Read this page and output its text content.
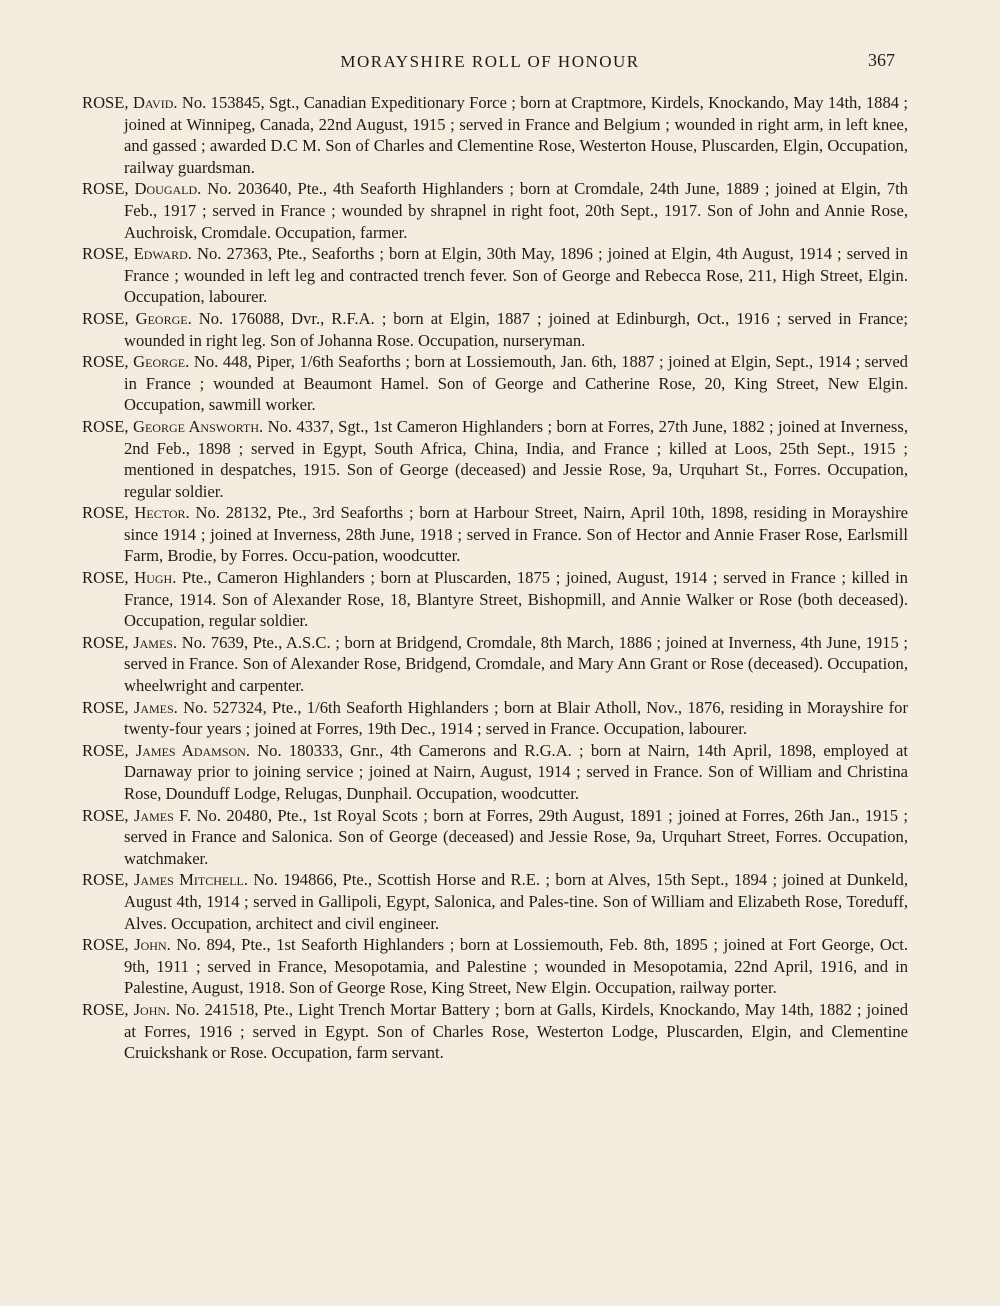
MORAYSHIRE ROLL OF HONOUR	367

ROSE, David. No. 153845, Sgt., Canadian Expeditionary Force ; born at Craptmore, Kirdels, Knockando, May 14th, 1884 ; joined at Winnipeg, Canada, 22nd August, 1915 ; served in France and Belgium ; wounded in right arm, in left knee, and gassed ; awarded D.C M. Son of Charles and Clementine Rose, Westerton House, Pluscarden, Elgin, Occupation, railway guardsman.

ROSE, Dougald. No. 203640, Pte., 4th Seaforth Highlanders ; born at Cromdale, 24th June, 1889 ; joined at Elgin, 7th Feb., 1917 ; served in France ; wounded by shrapnel in right foot, 20th Sept., 1917. Son of John and Annie Rose, Auchroisk, Cromdale. Occupation, farmer.

ROSE, Edward. No. 27363, Pte., Seaforths ; born at Elgin, 30th May, 1896 ; joined at Elgin, 4th August, 1914 ; served in France ; wounded in left leg and contracted trench fever. Son of George and Rebecca Rose, 211, High Street, Elgin. Occupation, labourer.

ROSE, George. No. 176088, Dvr., R.F.A. ; born at Elgin, 1887 ; joined at Edinburgh, Oct., 1916 ; served in France; wounded in right leg. Son of Johanna Rose. Occupation, nurseryman.

ROSE, George. No. 448, Piper, 1/6th Seaforths ; born at Lossiemouth, Jan. 6th, 1887 ; joined at Elgin, Sept., 1914 ; served in France ; wounded at Beaumont Hamel. Son of George and Catherine Rose, 20, King Street, New Elgin. Occupation, sawmill worker.

ROSE, George Answorth. No. 4337, Sgt., 1st Cameron Highlanders ; born at Forres, 27th June, 1882 ; joined at Inverness, 2nd Feb., 1898 ; served in Egypt, South Africa, China, India, and France ; killed at Loos, 25th Sept., 1915 ; mentioned in despatches, 1915. Son of George (deceased) and Jessie Rose, 9a, Urquhart St., Forres. Occupation, regular soldier.

ROSE, Hector. No. 28132, Pte., 3rd Seaforths ; born at Harbour Street, Nairn, April 10th, 1898, residing in Morayshire since 1914 ; joined at Inverness, 28th June, 1918 ; served in France. Son of Hector and Annie Fraser Rose, Earlsmill Farm, Brodie, by Forres. Occu-pation, woodcutter.

ROSE, Hugh. Pte., Cameron Highlanders ; born at Pluscarden, 1875 ; joined, August, 1914 ; served in France ; killed in France, 1914. Son of Alexander Rose, 18, Blantyre Street, Bishopmill, and Annie Walker or Rose (both deceased). Occupation, regular soldier.

ROSE, James. No. 7639, Pte., A.S.C. ; born at Bridgend, Cromdale, 8th March, 1886 ; joined at Inverness, 4th June, 1915 ; served in France. Son of Alexander Rose, Bridgend, Cromdale, and Mary Ann Grant or Rose (deceased). Occupation, wheelwright and carpenter.

ROSE, James. No. 527324, Pte., 1/6th Seaforth Highlanders ; born at Blair Atholl, Nov., 1876, residing in Morayshire for twenty-four years ; joined at Forres, 19th Dec., 1914 ; served in France. Occupation, labourer.

ROSE, James Adamson. No. 180333, Gnr., 4th Camerons and R.G.A. ; born at Nairn, 14th April, 1898, employed at Darnaway prior to joining service ; joined at Nairn, August, 1914 ; served in France. Son of William and Christina Rose, Dounduff Lodge, Relugas, Dunphail. Occupation, woodcutter.

ROSE, James F. No. 20480, Pte., 1st Royal Scots ; born at Forres, 29th August, 1891 ; joined at Forres, 26th Jan., 1915 ; served in France and Salonica. Son of George (deceased) and Jessie Rose, 9a, Urquhart Street, Forres. Occupation, watchmaker.

ROSE, James Mitchell. No. 194866, Pte., Scottish Horse and R.E. ; born at Alves, 15th Sept., 1894 ; joined at Dunkeld, August 4th, 1914 ; served in Gallipoli, Egypt, Salonica, and Pales-tine. Son of William and Elizabeth Rose, Toreduff, Alves. Occupation, architect and civil engineer.

ROSE, John. No. 894, Pte., 1st Seaforth Highlanders ; born at Lossiemouth, Feb. 8th, 1895 ; joined at Fort George, Oct. 9th, 1911 ; served in France, Mesopotamia, and Palestine ; wounded in Mesopotamia, 22nd April, 1916, and in Palestine, August, 1918. Son of George Rose, King Street, New Elgin. Occupation, railway porter.

ROSE, John. No. 241518, Pte., Light Trench Mortar Battery ; born at Galls, Kirdels, Knockando, May 14th, 1882 ; joined at Forres, 1916 ; served in Egypt. Son of Charles Rose, Westerton Lodge, Pluscarden, Elgin, and Clementine Cruickshank or Rose. Occupation, farm servant.
